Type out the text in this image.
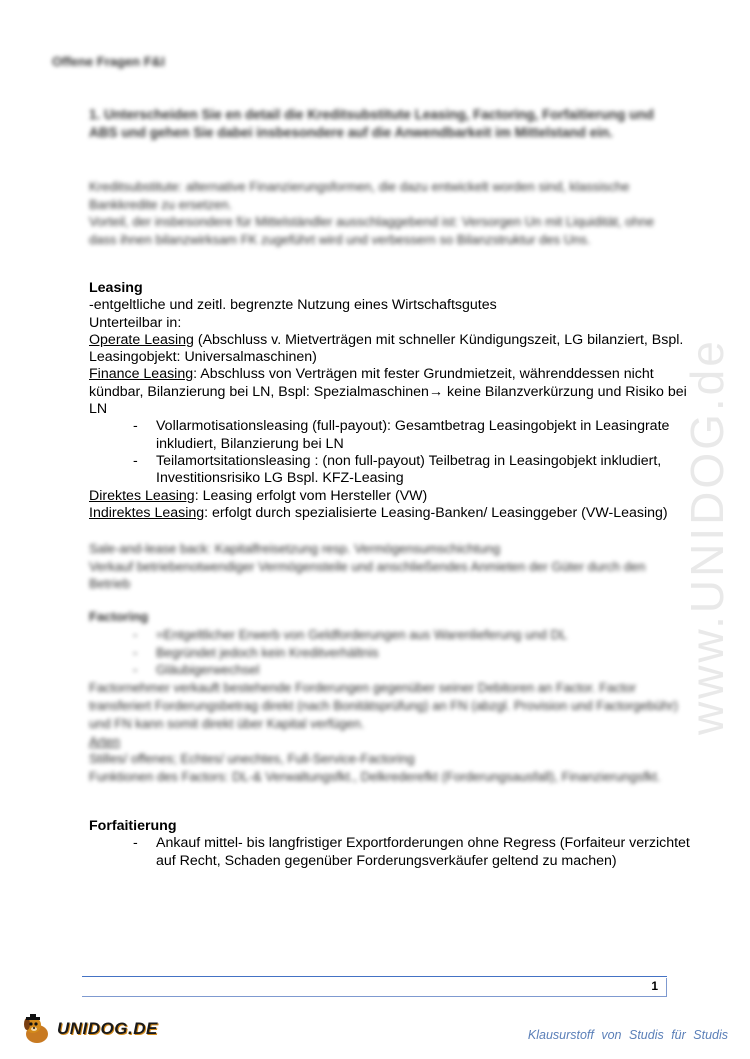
Offene Fragen F&I
1. Unterscheiden Sie en detail die Kreditsubstitute Leasing, Factoring, Forfaitierung und ABS und gehen Sie dabei insbesondere auf die Anwendbarkeit im Mittelstand ein.

Kreditsubstitute: alternative Finanzierungsformen, die dazu entwickelt worden sind, klassische Bankkredite zu ersetzen.

Vorteil, der insbesondere für Mittelständler ausschlaggebend ist: Versorgen Un mit Liquidität, ohne dass ihnen bilanzwirksam FK zugeführt wird und verbessern so Bilanzstruktur des Uns.

Leasing

-entgeltliche und zeitl. begrenzte Nutzung eines Wirtschaftsgutes

Unterteilbar in:

Operate Leasing (Abschluss v. Mietverträgen mit schneller Kündigungszeit, LG bilanziert, Bspl. Leasingobjekt: Universalmaschinen)

Finance Leasing: Abschluss von Verträgen mit fester Grundmietzeit, währenddessen nicht kündbar, Bilanzierung bei LN, Bspl: Spezialmaschinen→ keine Bilanzverkürzung und Risiko bei LN

- Vollarmotisationsleasing (full-payout): Gesamtbetrag Leasingobjekt in Leasingrate inkludiert, Bilanzierung bei LN

- Teilamortsitationsleasing : (non full-payout) Teilbetrag in Leasingobjekt inkludiert, Investitionsrisiko LG Bspl. KFZ-Leasing

Direktes Leasing: Leasing erfolgt vom Hersteller (VW)

Indirektes Leasing: erfolgt durch spezialisierte Leasing-Banken/ Leasinggeber (VW-Leasing)

Sale-and-lease back: Kapitalfreisetzung resp. Vermögensumschichtung

Verkauf betriebenotwendiger Vermögensteile und anschließendes Anmieten der Güter durch den Betrieb

Factoring

- =Entgeltlicher Erwerb von Geldforderungen aus Warenlieferung und DL

- Begründet jedoch kein Kreditverhältnis

- Gläubigerwechsel

Factornehmer verkauft bestehende Forderungen gegenüber seiner Debitoren an Factor. Factor transferiert Forderungsbetrag direkt (nach Bonitätsprüfung) an FN (abzgl. Provision und Factorgebühr) und FN kann somit direkt über Kapital verfügen.

Arten

Stilles/ offenes; Echtes/ unechtes, Full-Service-Factoring

Funktionen des Factors: DL-& Verwaltungsfkt., Delkrederefkt (Forderungsausfall), Finanzierungsfkt.

Forfaitierung

- Ankauf mittel- bis langfristiger Exportforderungen ohne Regress (Forfaiteur verzichtet auf Recht, Schaden gegenüber Forderungsverkäufer geltend zu machen)

www.UNIDOG.de
1
UNIDOG.DE	Klausurstoff von Studis für Studis
